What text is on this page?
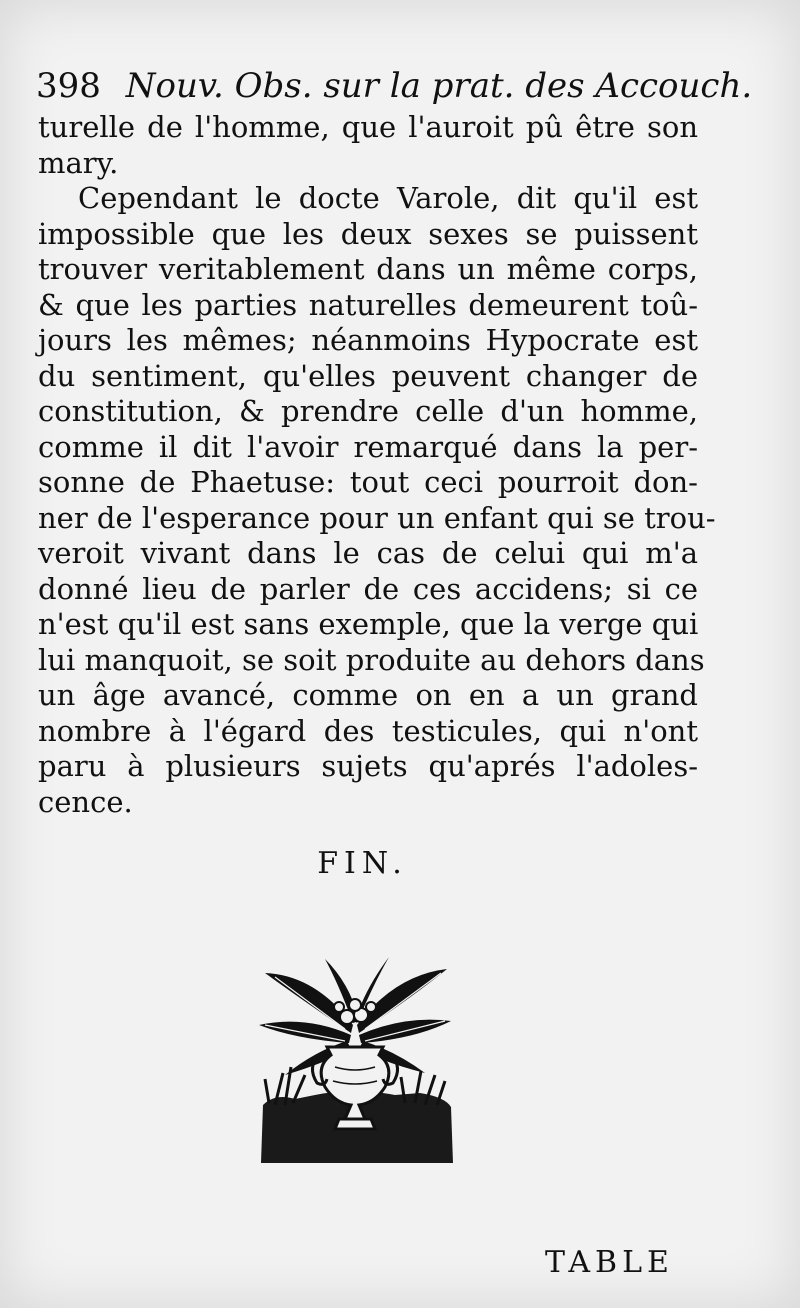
398 Nouv. Obs. sur la prat. des Accouch.
turelle de l'homme, que l'auroit pû être son
mary.
Cependant le docte Varole, dit qu'il est
impossible que les deux sexes se puissent
trouver veritablement dans un même corps,
& que les parties naturelles demeurent toû-
jours les mêmes; néanmoins Hypocrate est
du sentiment, qu'elles peuvent changer de
constitution, & prendre celle d'un homme,
comme il dit l'avoir remarqué dans la per-
sonne de Phaetuse: tout ceci pourroit don-
ner de l'esperance pour un enfant qui se trou-
veroit vivant dans le cas de celui qui m'a
donné lieu de parler de ces accidens; si ce
n'est qu'il est sans exemple, que la verge qui
lui manquoit, se soit produite au dehors dans
un âge avancé, comme on en a un grand
nombre à l'égard des testicules, qui n'ont
paru à plusieurs sujets qu'aprés l'adoles-
cence.
FIN.
TABLE
